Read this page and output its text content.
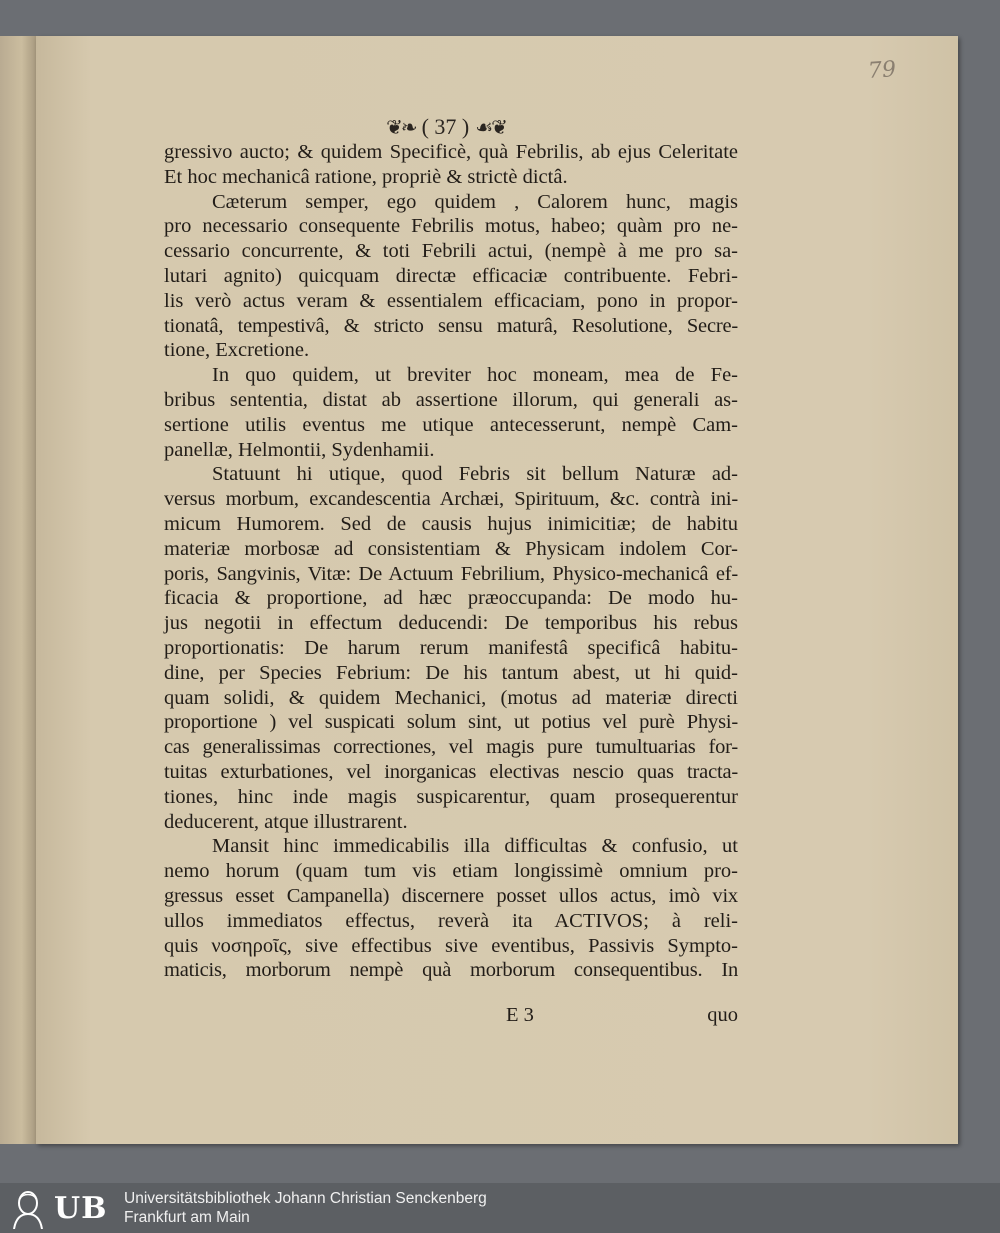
79
❦❧ ( 37 ) ☙❦
gressivo aucto; & quidem Specificè, quà Febrilis, ab ejus Celeritate
Et hoc mechanicâ ratione, propriè & strictè dictâ.
Cæterum semper, ego quidem , Calorem hunc, magis
pro necessario consequente Febrilis motus, habeo; quàm pro ne-
cessario concurrente, & toti Febrili actui, (nempè à me pro sa-
lutari agnito) quicquam directæ efficaciæ contribuente. Febri-
lis verò actus veram & essentialem efficaciam, pono in propor-
tionatâ, tempestivâ, & stricto sensu maturâ, Resolutione, Secre-
tione, Excretione.
In quo quidem, ut breviter hoc moneam, mea de Fe-
bribus sententia, distat ab assertione illorum, qui generali as-
sertione utilis eventus me utique antecesserunt, nempè Cam-
panellæ, Helmontii, Sydenhamii.
Statuunt hi utique, quod Febris sit bellum Naturæ ad-
versus morbum, excandescentia Archæi, Spirituum, &c. contrà ini-
micum Humorem. Sed de causis hujus inimicitiæ; de habitu
materiæ morbosæ ad consistentiam & Physicam indolem Cor-
poris, Sangvinis, Vitæ: De Actuum Febrilium, Physico-mechanicâ ef-
ficacia & proportione, ad hæc præoccupanda: De modo hu-
jus negotii in effectum deducendi: De temporibus his rebus
proportionatis: De harum rerum manifestâ specificâ habitu-
dine, per Species Febrium: De his tantum abest, ut hi quid-
quam solidi, & quidem Mechanici, (motus ad materiæ directi
proportione ) vel suspicati solum sint, ut potius vel purè Physi-
cas generalissimas correctiones, vel magis pure tumultuarias for-
tuitas exturbationes, vel inorganicas electivas nescio quas tracta-
tiones, hinc inde magis suspicarentur, quam prosequerentur
deducerent, atque illustrarent.
Mansit hinc immedicabilis illa difficultas & confusio, ut
nemo horum (quam tum vis etiam longissimè omnium pro-
gressus esset Campanella) discernere posset ullos actus, imò vix
ullos immediatos effectus, reverà ita ACTIVOS; à reli-
quis νοσηροῖς, sive effectibus sive eventibus, Passivis Sympto-
maticis, morborum nempè quà morborum consequentibus. In
E 3	quo
UB Universitätsbibliothek Johann Christian Senckenberg
Frankfurt am Main
